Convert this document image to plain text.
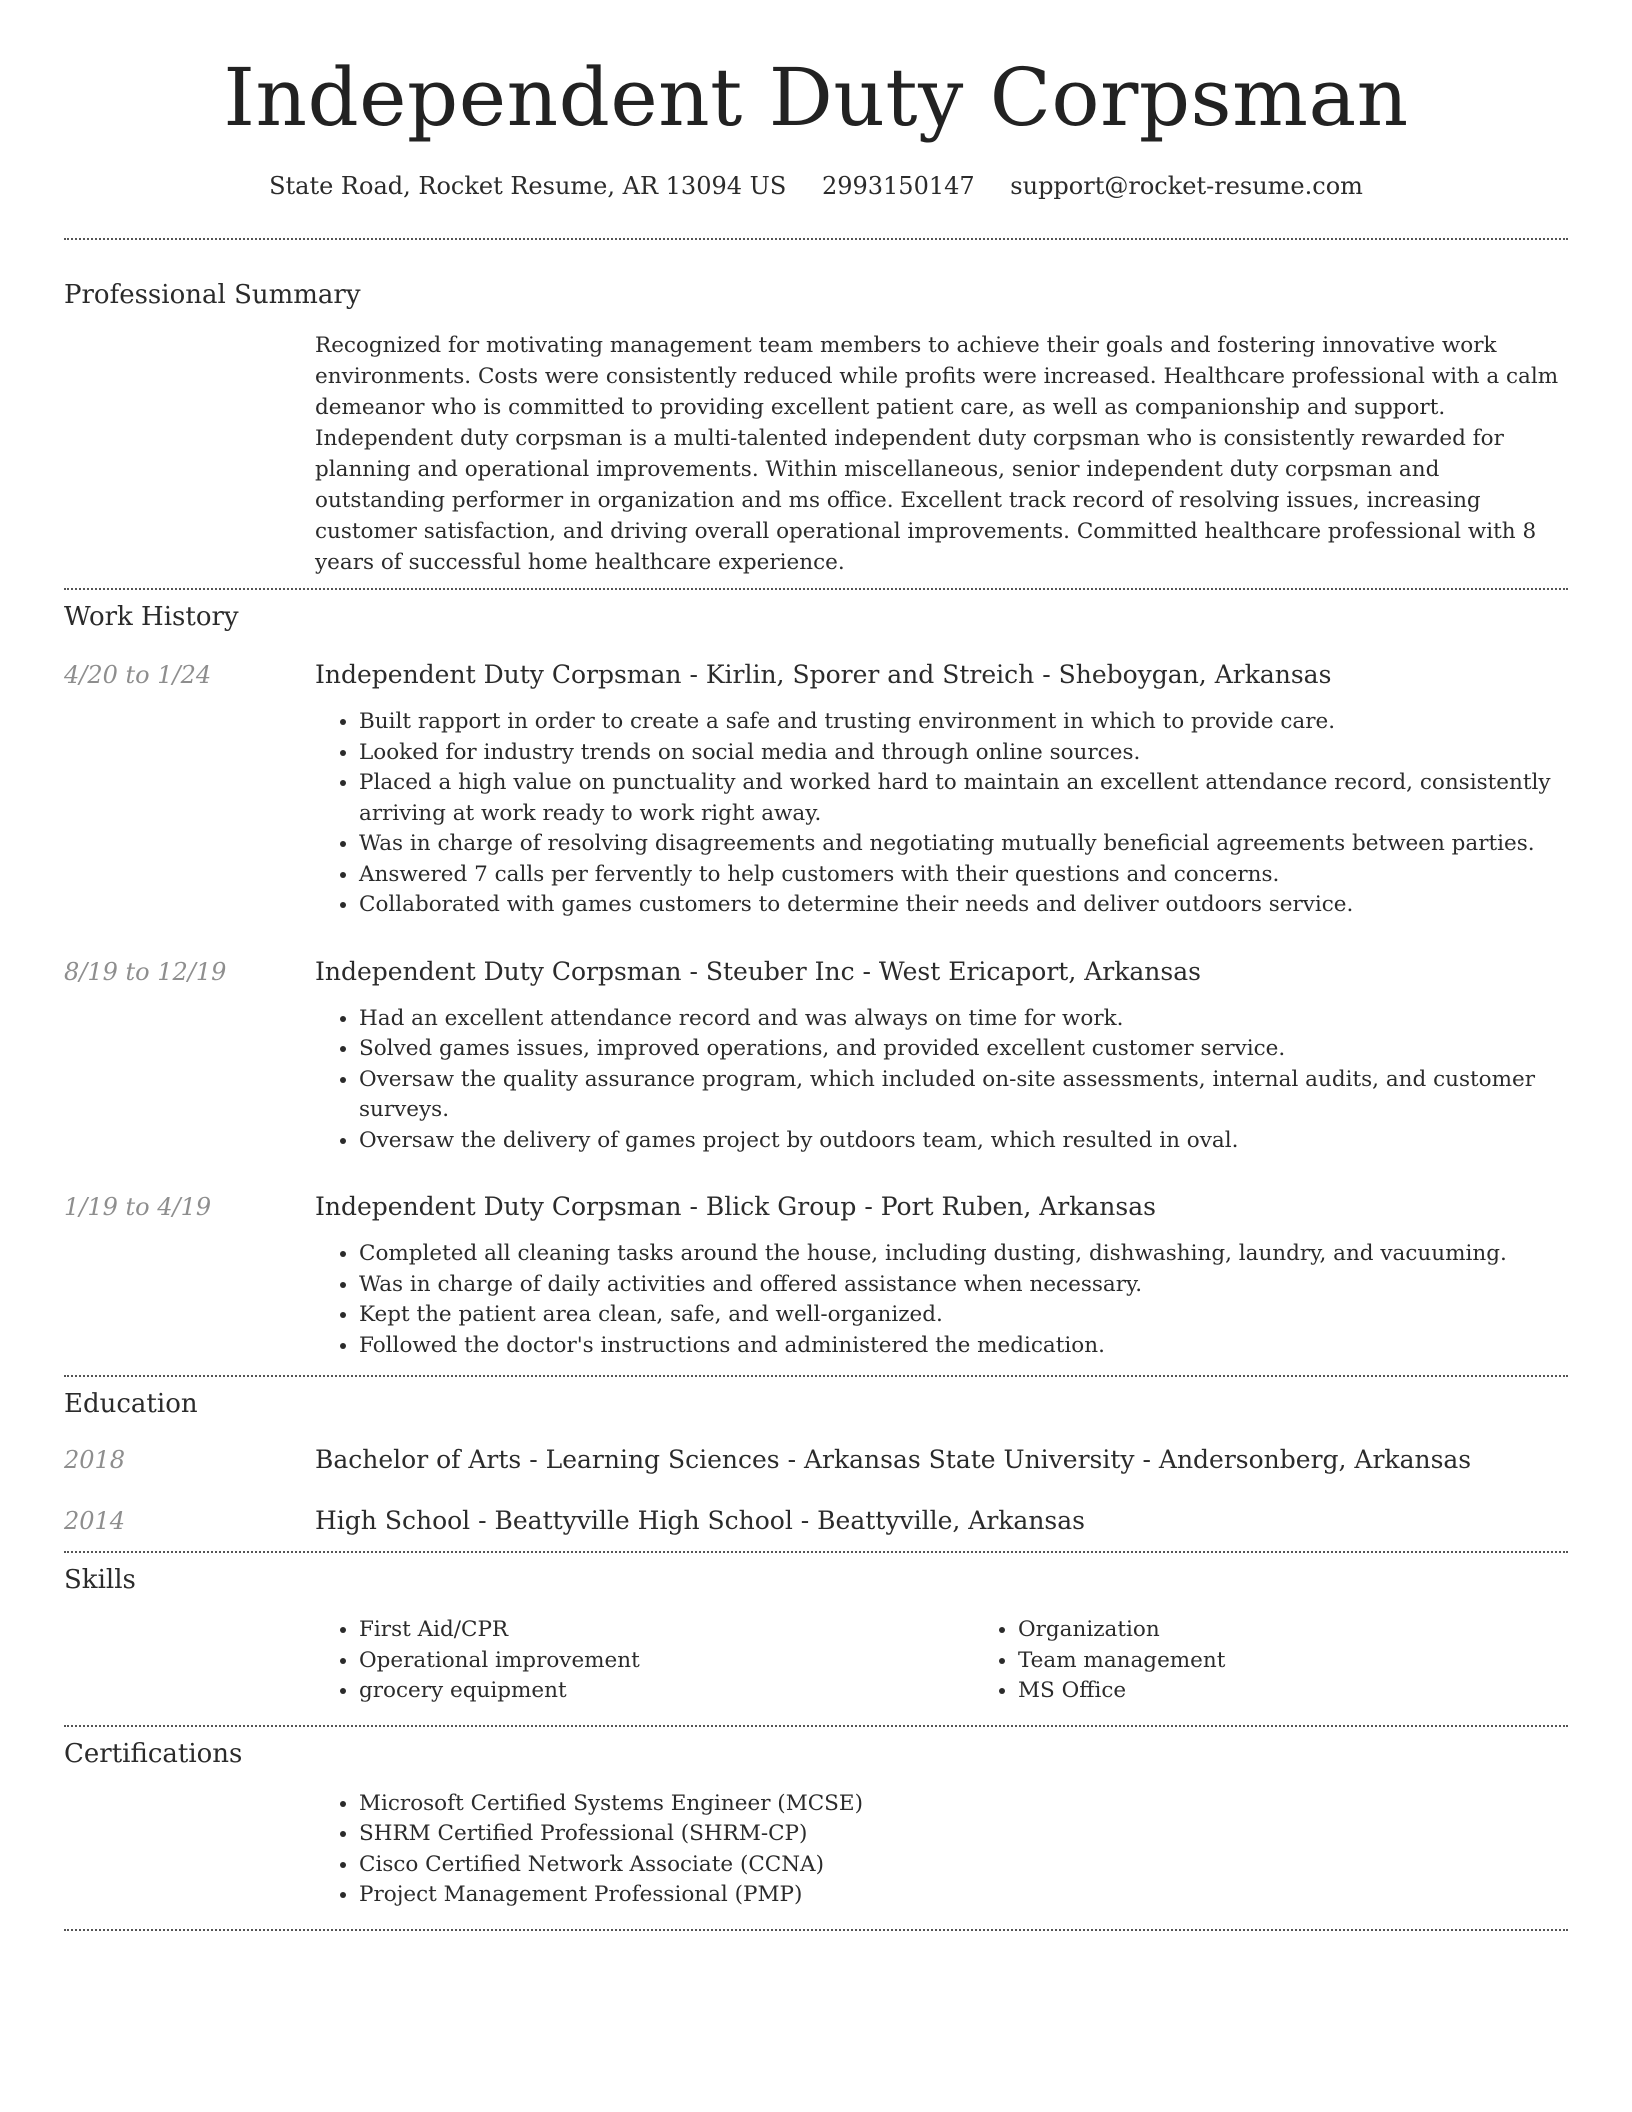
Independent Duty Corpsman
State Road, Rocket Resume, AR 13094 US 2993150147 support@rocket-resume.com
Professional Summary
Recognized for motivating management team members to achieve their goals and fostering innovative work environments. Costs were consistently reduced while profits were increased. Healthcare professional with a calm demeanor who is committed to providing excellent patient care, as well as companionship and support. Independent duty corpsman is a multi-talented independent duty corpsman who is consistently rewarded for planning and operational improvements. Within miscellaneous, senior independent duty corpsman and outstanding performer in organization and ms office. Excellent track record of resolving issues, increasing customer satisfaction, and driving overall operational improvements. Committed healthcare professional with 8 years of successful home healthcare experience.
Work History
4/20 to 1/24	Independent Duty Corpsman - Kirlin, Sporer and Streich - Sheboygan, Arkansas
• Built rapport in order to create a safe and trusting environment in which to provide care.
• Looked for industry trends on social media and through online sources.
• Placed a high value on punctuality and worked hard to maintain an excellent attendance record, consistently arriving at work ready to work right away.
• Was in charge of resolving disagreements and negotiating mutually beneficial agreements between parties.
• Answered 7 calls per fervently to help customers with their questions and concerns.
• Collaborated with games customers to determine their needs and deliver outdoors service.
8/19 to 12/19	Independent Duty Corpsman - Steuber Inc - West Ericaport, Arkansas
• Had an excellent attendance record and was always on time for work.
• Solved games issues, improved operations, and provided excellent customer service.
• Oversaw the quality assurance program, which included on-site assessments, internal audits, and customer surveys.
• Oversaw the delivery of games project by outdoors team, which resulted in oval.
1/19 to 4/19	Independent Duty Corpsman - Blick Group - Port Ruben, Arkansas
• Completed all cleaning tasks around the house, including dusting, dishwashing, laundry, and vacuuming.
• Was in charge of daily activities and offered assistance when necessary.
• Kept the patient area clean, safe, and well-organized.
• Followed the doctor's instructions and administered the medication.
Education
2018	Bachelor of Arts - Learning Sciences - Arkansas State University - Andersonberg, Arkansas
2014	High School - Beattyville High School - Beattyville, Arkansas
Skills
• First Aid/CPR
• Operational improvement
• grocery equipment
• Organization
• Team management
• MS Office
Certifications
• Microsoft Certified Systems Engineer (MCSE)
• SHRM Certified Professional (SHRM-CP)
• Cisco Certified Network Associate (CCNA)
• Project Management Professional (PMP)
